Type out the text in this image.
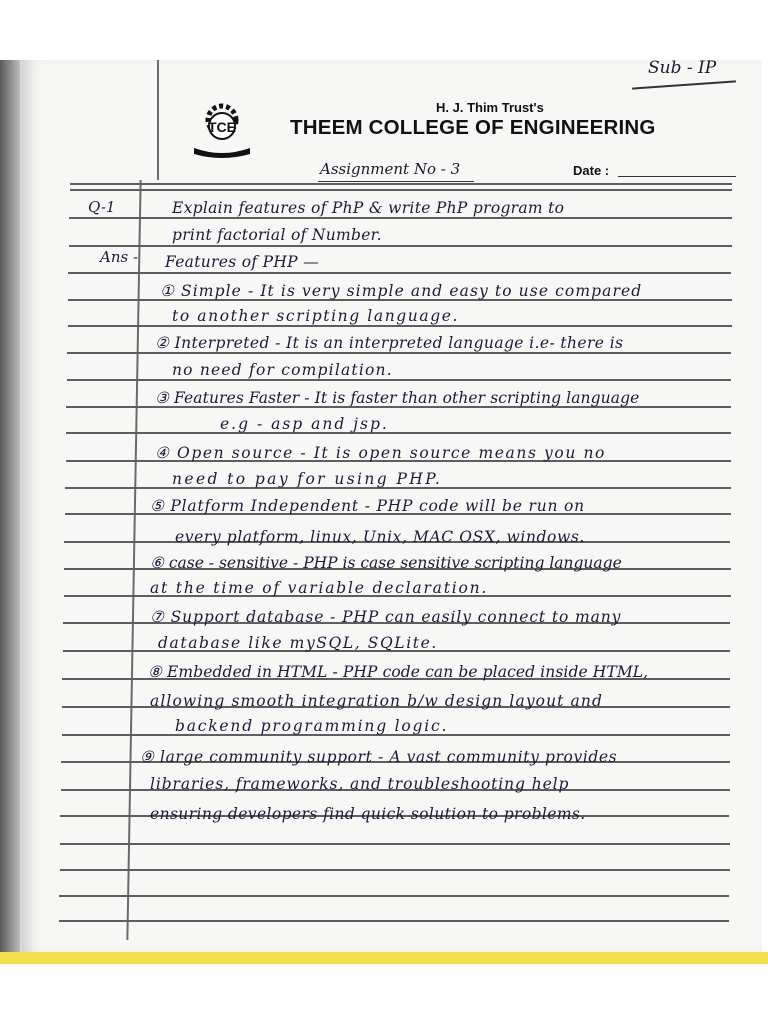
Sub - IP
TCE
H. J. Thim Trust's
THEEM COLLEGE OF ENGINEERING
Assignment No - 3	Date :
Q-1
Ans -
Explain features of PhP & write PhP program to
print factorial of Number.
Features of PHP —
① Simple - It is very simple and easy to use compared
to another scripting language.
② Interpreted - It is an interpreted language i.e- there is
no need for compilation.
③ Features Faster - It is faster than other scripting language
e.g - asp and jsp.
④ Open source - It is open source means you no
need to pay for using PHP.
⑤ Platform Independent - PHP code will be run on
every platform, linux, Unix, MAC OSX, windows.
⑥ case - sensitive - PHP is case sensitive scripting language
at the time of variable declaration.
⑦ Support database - PHP can easily connect to many
database like mySQL, SQLite.
⑧ Embedded in HTML - PHP code can be placed inside HTML,
allowing smooth integration b/w design layout and
backend programming logic.
⑨ large community support - A vast community provides
libraries, frameworks, and troubleshooting help
ensuring developers find quick solution to problems.
